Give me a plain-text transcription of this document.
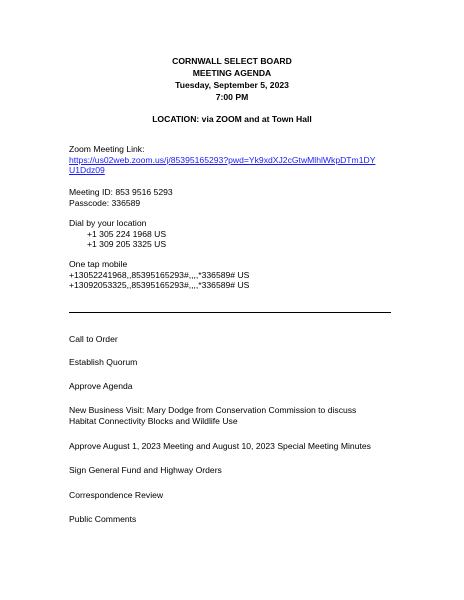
CORNWALL SELECT BOARD
MEETING AGENDA
Tuesday, September 5, 2023
7:00 PM
LOCATION: via ZOOM and at Town Hall
Zoom Meeting Link:
https://us02web.zoom.us/j/85395165293?pwd=Yk9xdXJ2cGtwMlhlWkpDTm1DY
U1Ddz09
Meeting ID: 853 9516 5293
Passcode: 336589
Dial by your location
+1 305 224 1968 US
+1 309 205 3325 US
One tap mobile
+13052241968,,85395165293#,,,,*336589# US
+13092053325,,85395165293#,,,,*336589# US
Call to Order
Establish Quorum
Approve Agenda
New Business Visit: Mary Dodge from Conservation Commission to discuss
Habitat Connectivity Blocks and Wildlife Use
Approve August 1, 2023 Meeting and August 10, 2023 Special Meeting Minutes
Sign General Fund and Highway Orders
Correspondence Review
Public Comments
